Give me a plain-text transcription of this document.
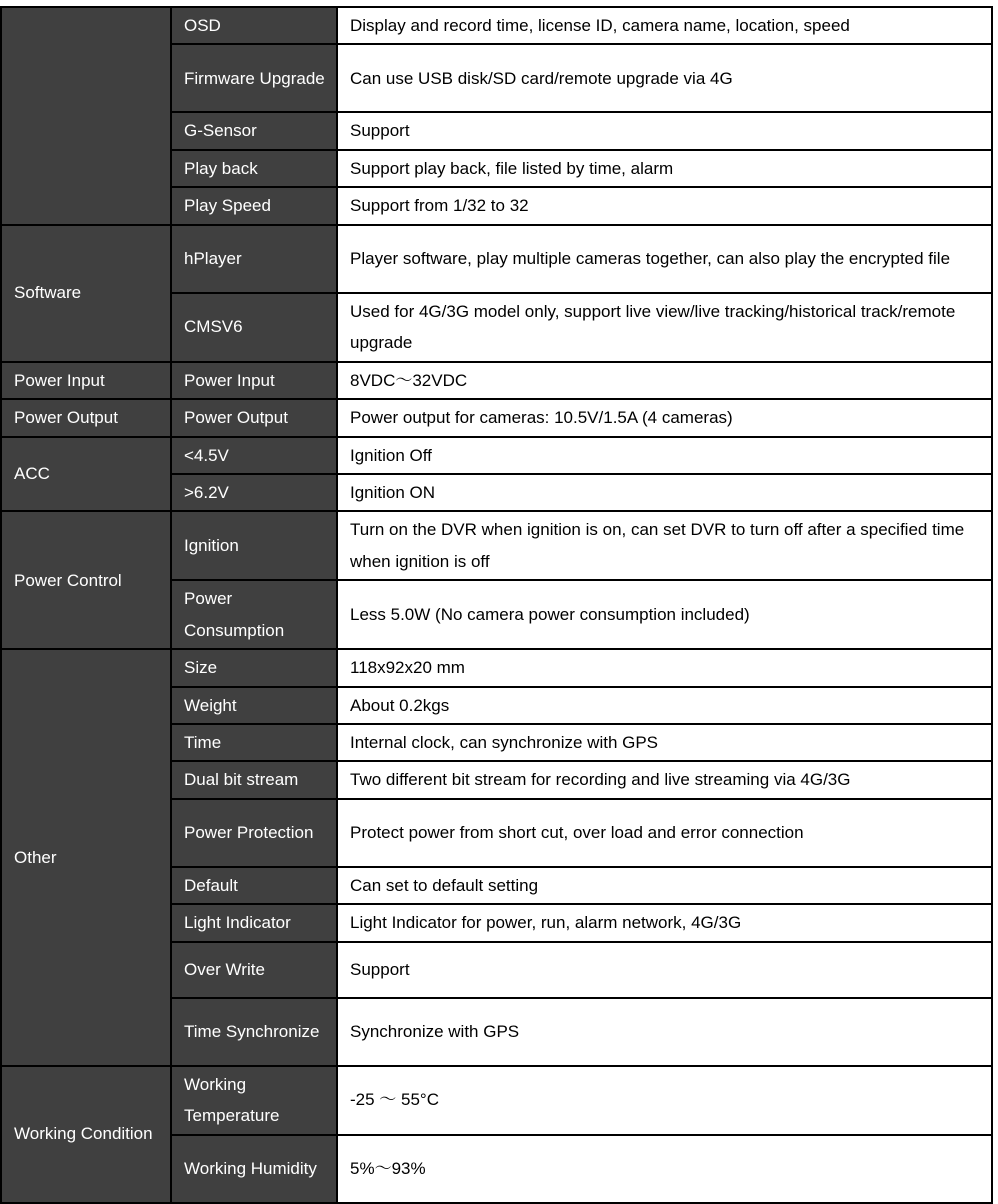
	OSD	Display and record time, license ID, camera name, location, speed
	Firmware Upgrade	Can use USB disk/SD card/remote upgrade via 4G
	G-Sensor	Support
	Play back	Support play back, file listed by time, alarm
	Play Speed	Support from 1/32 to 32
Software	hPlayer	Player software, play multiple cameras together, can also play the encrypted file
	CMSV6	Used for 4G/3G model only, support live view/live tracking/historical track/remote upgrade
Power Input	Power Input	8VDC～32VDC
Power Output	Power Output	Power output for cameras: 10.5V/1.5A (4 cameras)
ACC	<4.5V	Ignition Off
	>6.2V	Ignition ON
Power Control	Ignition	Turn on the DVR when ignition is on, can set DVR to turn off after a specified time when ignition is off
	Power Consumption	Less 5.0W (No camera power consumption included)
Other	Size	118x92x20 mm
	Weight	About 0.2kgs
	Time	Internal clock, can synchronize with GPS
	Dual bit stream	Two different bit stream for recording and live streaming via 4G/3G
	Power Protection	Protect power from short cut, over load and error connection
	Default	Can set to default setting
	Light Indicator	Light Indicator for power, run, alarm network, 4G/3G
	Over Write	Support
	Time Synchronize	Synchronize with GPS
Working Condition	Working Temperature	-25 ～ 55°C
	Working Humidity	5%～93%
